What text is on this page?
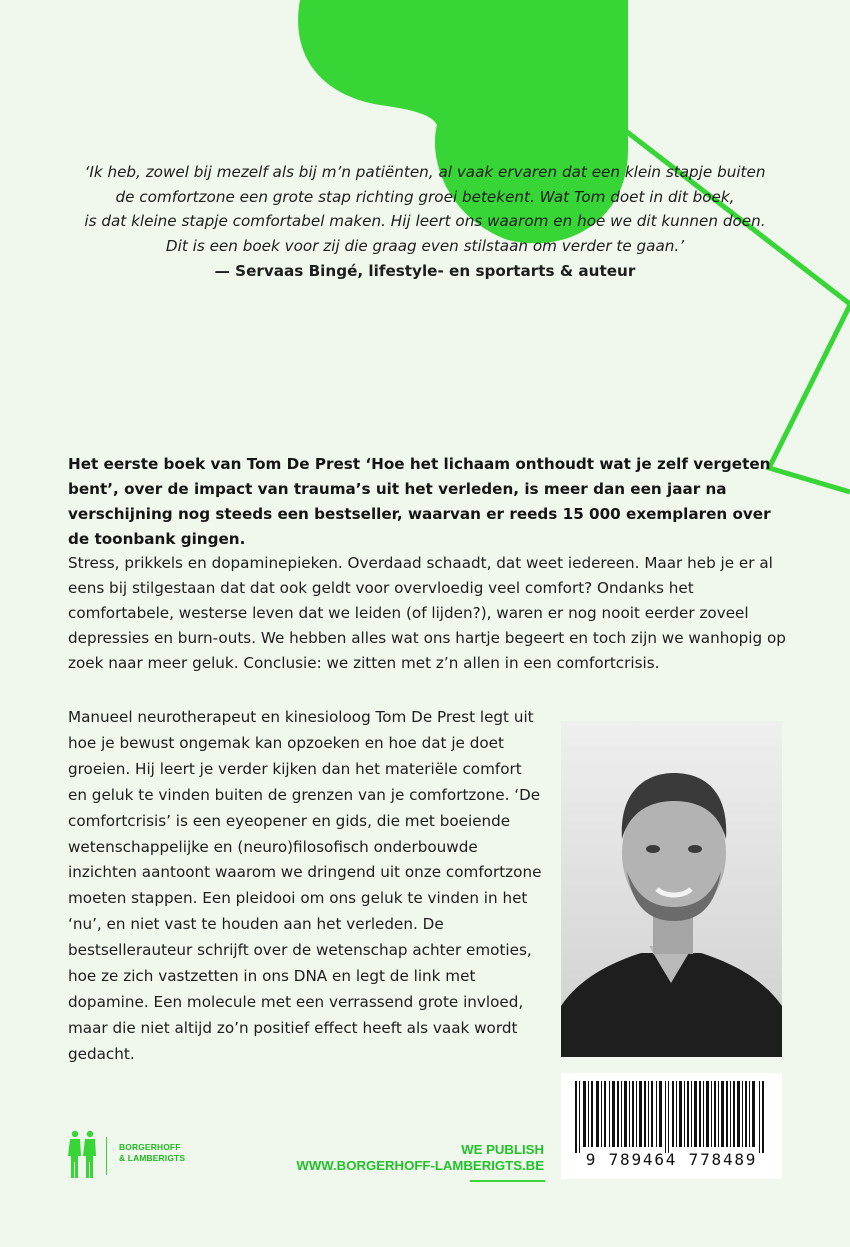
‘Ik heb, zowel bij mezelf als bij m’n patiënten, al vaak ervaren dat een klein stapje buiten

de comfortzone een grote stap richting groei betekent. Wat Tom doet in dit boek,

is dat kleine stapje comfortabel maken. Hij leert ons waarom en hoe we dit kunnen doen.

Dit is een boek voor zij die graag even stilstaan om verder te gaan.’

— Servaas Bingé, lifestyle- en sportarts & auteur

Het eerste boek van Tom De Prest ‘Hoe het lichaam onthoudt wat je zelf vergeten bent’, over de impact van trauma’s uit het verleden, is meer dan een jaar na verschijning nog steeds een bestseller, waarvan er reeds 15 000 exemplaren over de toonbank gingen.

Stress, prikkels en dopaminepieken. Overdaad schaadt, dat weet iedereen. Maar heb je er al eens bij stilgestaan dat dat ook geldt voor overvloedig veel comfort? Ondanks het comfortabele, westerse leven dat we leiden (of lijden?), waren er nog nooit eerder zoveel depressies en burn-outs. We hebben alles wat ons hartje begeert en toch zijn we wanhopig op zoek naar meer geluk. Conclusie: we zitten met z’n allen in een comfortcrisis.

Manueel neurotherapeut en kinesioloog Tom De Prest legt uit hoe je bewust ongemak kan opzoeken en hoe dat je doet groeien. Hij leert je verder kijken dan het materiële comfort en geluk te vinden buiten de grenzen van je comfortzone. ‘De comfortcrisis’ is een eyeopener en gids, die met boeiende wetenschappelijke en (neuro)filosofisch onderbouwde inzichten aantoont waarom we dringend uit onze comfortzone moeten stappen. Een pleidooi om ons geluk te vinden in het ‘nu’, en niet vast te houden aan het verleden. De bestsellerauteur schrijft over de wetenschap achter emoties, hoe ze zich vastzetten in ons DNA en legt de link met dopamine. Een molecule met een verrassend grote invloed, maar die niet altijd zo’n positief effect heeft als vaak wordt gedacht.

9 789464 778489
BORGERHOFF
& LAMBERIGTS
WE PUBLISH
WWW.BORGERHOFF-LAMBERIGTS.BE
